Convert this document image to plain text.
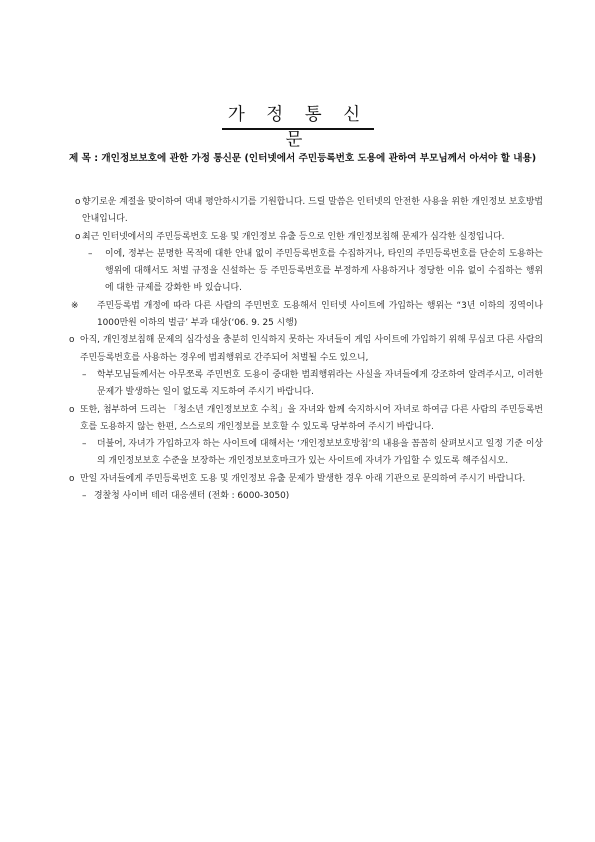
가 정 통 신 문
제 목 : 개인정보보호에 관한 가정 통신문 (인터넷에서 주민등록번호 도용에 관하여 부모님께서 아셔야 할 내용)
o 향기로운 계절을 맞이하여 댁내 평안하시기를 기원합니다. 드릴 말씀은 인터넷의 안전한 사용을 위한 개인정보 보호방법 안내입니다.
o 최근 인터넷에서의 주민등록번호 도용 및 개인정보 유출 등으로 인한 개인정보침해 문제가 심각한 실정입니다.
– 이에, 정부는 분명한 목적에 대한 안내 없이 주민등록번호를 수집하거나, 타인의 주민등록번호를 단순히 도용하는 행위에 대해서도 처벌 규정을 신설하는 등 주민등록번호를 부정하게 사용하거나 정당한 이유 없이 수집하는 행위에 대한 규제를 강화한 바 있습니다.
※ 주민등록법 개정에 따라 다른 사람의 주민번호 도용해서 인터넷 사이트에 가입하는 행위는 “3년 이하의 징역이나 1000만원 이하의 벌금’ 부과 대상(‘06. 9. 25 시행)
o 아직, 개인정보침해 문제의 심각성을 충분히 인식하지 못하는 자녀들이 게임 사이트에 가입하기 위해 무심코 다른 사람의 주민등록번호를 사용하는 경우에 범죄행위로 간주되어 처벌될 수도 있으니,
– 학부모님들께서는 아무쪼록 주민번호 도용이 중대한 범죄행위라는 사실을 자녀들에게 강조하여 알려주시고, 이러한 문제가 발생하는 일이 없도록 지도하여 주시기 바랍니다.
o 또한, 첨부하여 드리는 「청소년 개인정보보호 수칙」을 자녀와 함께 숙지하시어 자녀로 하여금 다른 사람의 주민등록번호를 도용하지 않는 한편, 스스로의 개인정보를 보호할 수 있도록 당부하여 주시기 바랍니다.
– 더불어, 자녀가 가입하고자 하는 사이트에 대해서는 ‘개인정보보호방침’의 내용을 꼼꼼히 살펴보시고 일정 기준 이상의 개인정보보호 수준을 보장하는 개인정보보호마크가 있는 사이트에 자녀가 가입할 수 있도록 해주십시오.
o 만일 자녀들에게 주민등록번호 도용 및 개인정보 유출 문제가 발생한 경우 아래 기관으로 문의하여 주시기 바랍니다.
– 경찰청 사이버 테러 대응센터 (전화 : 6000-3050)
